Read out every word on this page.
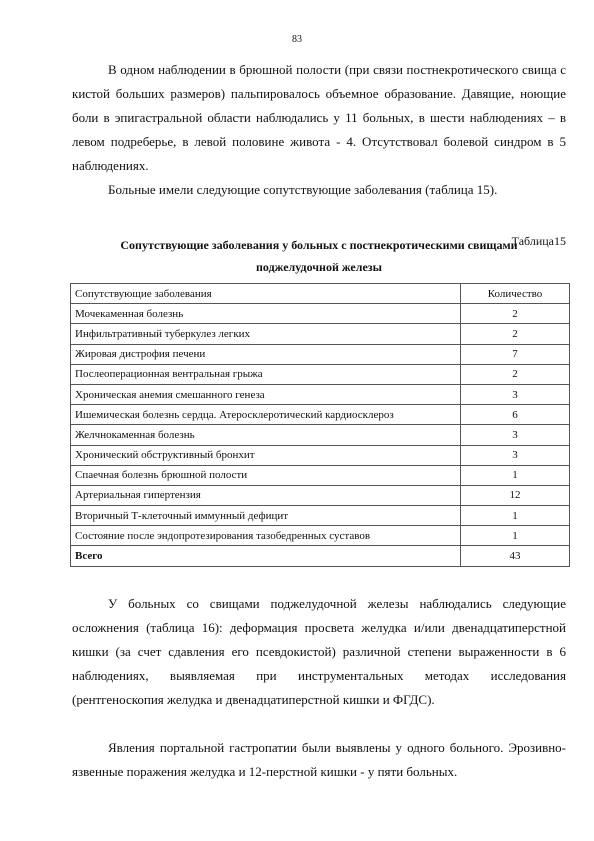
83

В одном наблюдении в брюшной полости (при связи постнекротического свища с кистой больших размеров) пальпировалось объемное образование. Давящие, ноющие боли в эпигастральной области наблюдались у 11 больных, в шести наблюдениях – в левом подреберье, в левой половине живота - 4. Отсутствовал болевой синдром в 5 наблюдениях.

Больные имели следующие сопутствующие заболевания (таблица 15).

Таблица15
Сопутствующие заболевания у больных с постнекротическими свищами
поджелудочной железы
Сопутствующие заболевания	Количество
Мочекаменная болезнь	2
Инфильтративный туберкулез легких	2
Жировая дистрофия печени	7
Послеоперационная вентральная грыжа	2
Хроническая анемия смешанного генеза	3
Ишемическая болезнь сердца. Атеросклеротический кардиосклероз	6
Желчнокаменная болезнь	3
Хронический обструктивный бронхит	3
Спаечная болезнь брюшной полости	1
Артериальная гипертензия	12
Вторичный Т-клеточный иммунный дефицит	1
Состояние после эндопротезирования тазобедренных суставов	1
Всего	43

У больных со свищами поджелудочной железы наблюдались следующие осложнения (таблица 16): деформация просвета желудка и/или двенадцатиперстной кишки (за счет сдавления его псевдокистой) различной степени выраженности в 6 наблюдениях, выявляемая при инструментальных методах исследования (рентгеноскопия желудка и двенадцатиперстной кишки и ФГДС).

Явления портальной гастропатии были выявлены у одного больного. Эрозивно-язвенные поражения желудка и 12-перстной кишки - у пяти больных.
